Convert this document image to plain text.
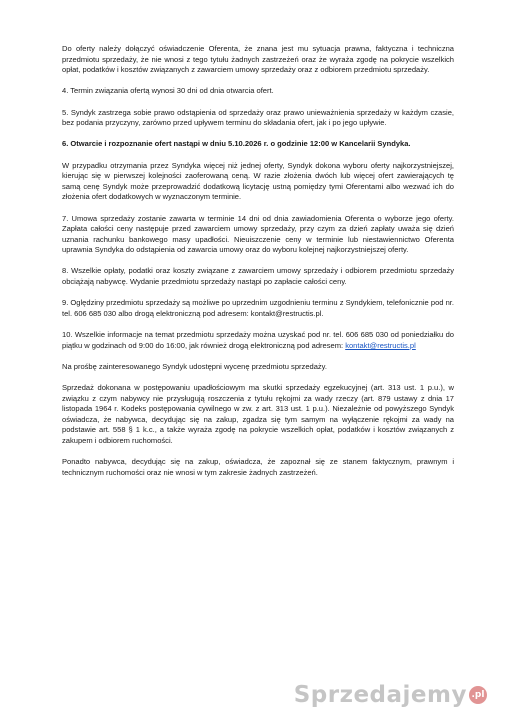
Do oferty należy dołączyć oświadczenie Oferenta, że znana jest mu sytuacja prawna, faktyczna i techniczna przedmiotu sprzedaży, że nie wnosi z tego tytułu żadnych zastrzeżeń oraz że wyraża zgodę na pokrycie wszelkich opłat, podatków i kosztów związanych z zawarciem umowy sprzedaży oraz z odbiorem przedmiotu sprzedaży.

4. Termin związania ofertą wynosi 30 dni od dnia otwarcia ofert.

5. Syndyk zastrzega sobie prawo odstąpienia od sprzedaży oraz prawo unieważnienia sprzedaży w każdym czasie, bez podania przyczyny, zarówno przed upływem terminu do składania ofert, jak i po jego upływie.

6. Otwarcie i rozpoznanie ofert nastąpi w dniu 5.10.2026 r. o godzinie 12:00 w Kancelarii Syndyka.

W przypadku otrzymania przez Syndyka więcej niż jednej oferty, Syndyk dokona wyboru oferty najkorzystniejszej, kierując się w pierwszej kolejności zaoferowaną ceną. W razie złożenia dwóch lub więcej ofert zawierających tę samą cenę Syndyk może przeprowadzić dodatkową licytację ustną pomiędzy tymi Oferentami albo wezwać ich do złożenia ofert dodatkowych w wyznaczonym terminie.

7. Umowa sprzedaży zostanie zawarta w terminie 14 dni od dnia zawiadomienia Oferenta o wyborze jego oferty. Zapłata całości ceny następuje przed zawarciem umowy sprzedaży, przy czym za dzień zapłaty uważa się dzień uznania rachunku bankowego masy upadłości. Nieuiszczenie ceny w terminie lub niestawiennictwo Oferenta uprawnia Syndyka do odstąpienia od zawarcia umowy oraz do wyboru kolejnej najkorzystniejszej oferty.

8. Wszelkie opłaty, podatki oraz koszty związane z zawarciem umowy sprzedaży i odbiorem przedmiotu sprzedaży obciążają nabywcę. Wydanie przedmiotu sprzedaży nastąpi po zapłacie całości ceny.

9. Oględziny przedmiotu sprzedaży są możliwe po uprzednim uzgodnieniu terminu z Syndykiem, telefonicznie pod nr. tel. 606 685 030 albo drogą elektroniczną pod adresem: kontakt@restructis.pl.

10. Wszelkie informacje na temat przedmiotu sprzedaży można uzyskać pod nr. tel. 606 685 030 od poniedziałku do piątku w godzinach od 9:00 do 16:00, jak również drogą elektroniczną pod adresem: kontakt@restructis.pl

Na prośbę zainteresowanego Syndyk udostępni wycenę przedmiotu sprzedaży.

Sprzedaż dokonana w postępowaniu upadłościowym ma skutki sprzedaży egzekucyjnej (art. 313 ust. 1 p.u.), w związku z czym nabywcy nie przysługują roszczenia z tytułu rękojmi za wady rzeczy (art. 879 ustawy z dnia 17 listopada 1964 r. Kodeks postępowania cywilnego w zw. z art. 313 ust. 1 p.u.). Niezależnie od powyższego Syndyk oświadcza, że nabywca, decydując się na zakup, zgadza się tym samym na wyłączenie rękojmi za wady na podstawie art. 558 § 1 k.c., a także wyraża zgodę na pokrycie wszelkich opłat, podatków i kosztów związanych z zakupem i odbiorem ruchomości.

Ponadto nabywca, decydując się na zakup, oświadcza, że zapoznał się ze stanem faktycznym, prawnym i technicznym ruchomości oraz nie wnosi w tym zakresie żadnych zastrzeżeń.

Sprzedajemy .pl
